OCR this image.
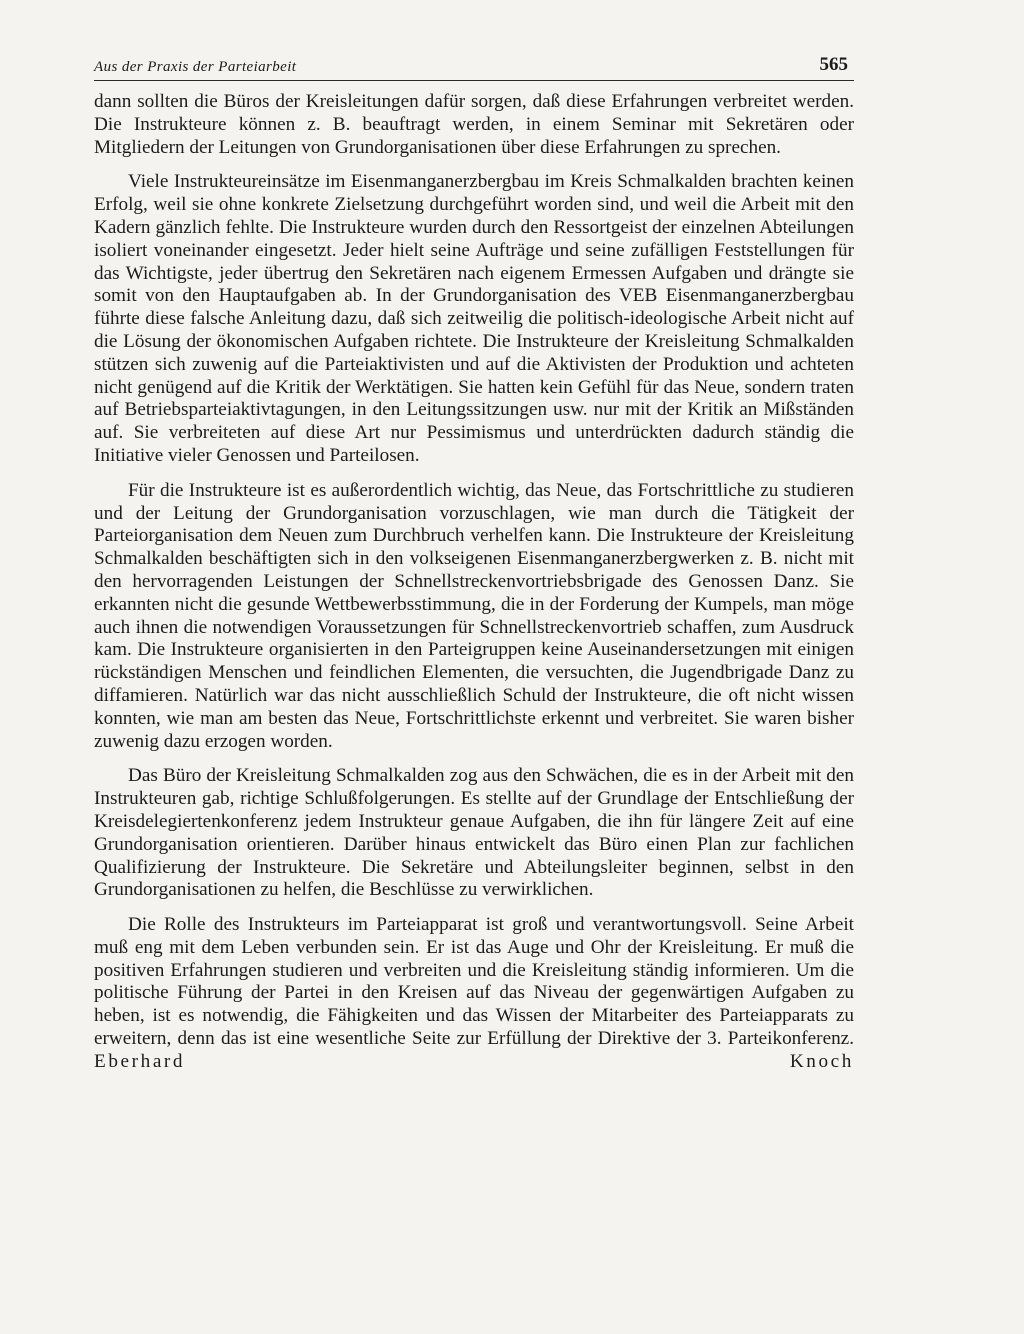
Aus der Praxis der Parteiarbeit	565

dann sollten die Büros der Kreisleitungen dafür sorgen, daß diese Erfahrungen verbreitet werden. Die Instrukteure können z. B. beauftragt werden, in einem Seminar mit Sekretären oder Mitgliedern der Leitungen von Grundorganisationen über diese Erfahrungen zu sprechen.

Viele Instrukteureinsätze im Eisenmanganerzbergbau im Kreis Schmalkalden brachten keinen Erfolg, weil sie ohne konkrete Zielsetzung durchgeführt worden sind, und weil die Arbeit mit den Kadern gänzlich fehlte. Die Instrukteure wurden durch den Ressortgeist der einzelnen Abteilungen isoliert voneinander eingesetzt. Jeder hielt seine Aufträge und seine zufälligen Feststellungen für das Wichtigste, jeder übertrug den Sekretären nach eigenem Ermessen Aufgaben und drängte sie somit von den Hauptaufgaben ab. In der Grundorganisation des VEB Eisenmanganerzbergbau führte diese falsche Anleitung dazu, daß sich zeitweilig die politisch-ideologische Arbeit nicht auf die Lösung der ökonomischen Aufgaben richtete. Die Instrukteure der Kreisleitung Schmalkalden stützen sich zuwenig auf die Parteiaktivisten und auf die Aktivisten der Produktion und achteten nicht genügend auf die Kritik der Werktätigen. Sie hatten kein Gefühl für das Neue, sondern traten auf Betriebsparteiaktivtagungen, in den Leitungssitzungen usw. nur mit der Kritik an Mißständen auf. Sie verbreiteten auf diese Art nur Pessimismus und unterdrückten dadurch ständig die Initiative vieler Genossen und Parteilosen.

Für die Instrukteure ist es außerordentlich wichtig, das Neue, das Fortschrittliche zu studieren und der Leitung der Grundorganisation vorzuschlagen, wie man durch die Tätigkeit der Parteiorganisation dem Neuen zum Durchbruch verhelfen kann. Die Instrukteure der Kreisleitung Schmalkalden beschäftigten sich in den volkseigenen Eisenmanganerzbergwerken z. B. nicht mit den hervorragenden Leistungen der Schnellstreckenvortriebsbrigade des Genossen Danz. Sie erkannten nicht die gesunde Wettbewerbsstimmung, die in der Forderung der Kumpels, man möge auch ihnen die notwendigen Voraussetzungen für Schnellstreckenvortrieb schaffen, zum Ausdruck kam. Die Instrukteure organisierten in den Parteigruppen keine Auseinandersetzungen mit einigen rückständigen Menschen und feindlichen Elementen, die versuchten, die Jugendbrigade Danz zu diffamieren. Natürlich war das nicht ausschließlich Schuld der Instrukteure, die oft nicht wissen konnten, wie man am besten das Neue, Fortschrittlichste erkennt und verbreitet. Sie waren bisher zuwenig dazu erzogen worden.

Das Büro der Kreisleitung Schmalkalden zog aus den Schwächen, die es in der Arbeit mit den Instrukteuren gab, richtige Schlußfolgerungen. Es stellte auf der Grundlage der Entschließung der Kreisdelegiertenkonferenz jedem Instrukteur genaue Aufgaben, die ihn für längere Zeit auf eine Grundorganisation orientieren. Darüber hinaus entwickelt das Büro einen Plan zur fachlichen Qualifizierung der Instrukteure. Die Sekretäre und Abteilungsleiter beginnen, selbst in den Grundorganisationen zu helfen, die Beschlüsse zu verwirklichen.

Die Rolle des Instrukteurs im Parteiapparat ist groß und verantwortungsvoll. Seine Arbeit muß eng mit dem Leben verbunden sein. Er ist das Auge und Ohr der Kreisleitung. Er muß die positiven Erfahrungen studieren und verbreiten und die Kreisleitung ständig informieren. Um die politische Führung der Partei in den Kreisen auf das Niveau der gegenwärtigen Aufgaben zu heben, ist es notwendig, die Fähigkeiten und das Wissen der Mitarbeiter des Parteiapparats zu erweitern, denn das ist eine wesentliche Seite zur Erfüllung der Direktive der 3. Parteikonferenz. Eberhard Knoch
